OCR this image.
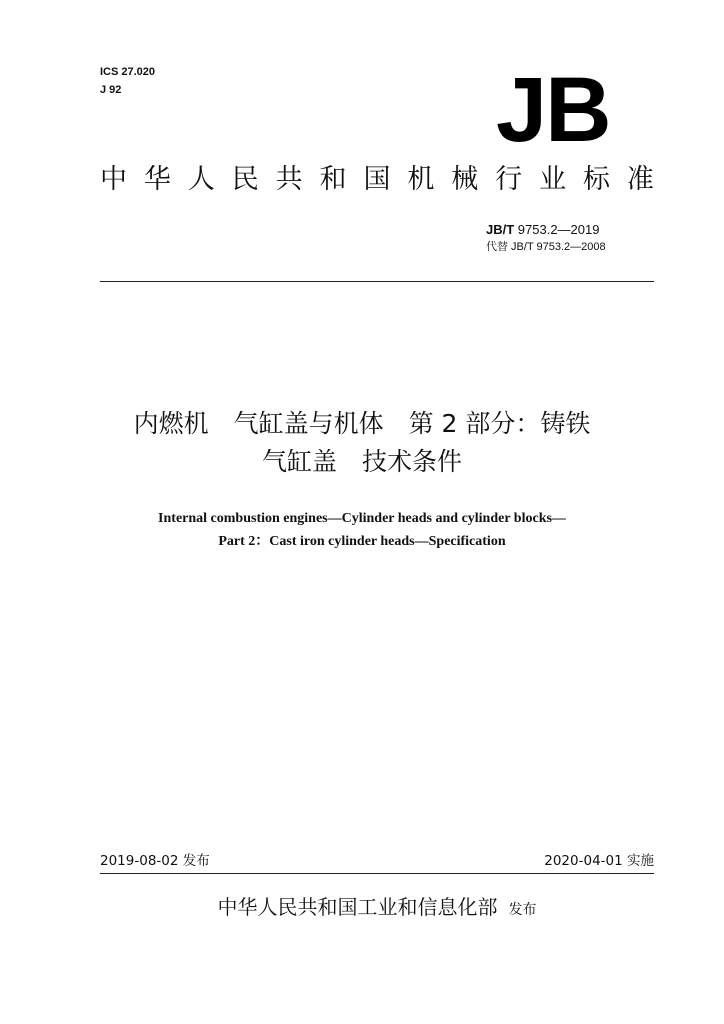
ICS 27.020
J 92	JB
中 华 人 民 共 和 国 机 械 行 业 标 准
JB/T 9753.2—2019
代替 JB/T 9753.2—2008
内燃机　气缸盖与机体　第 2 部分：铸铁
气缸盖　技术条件
Internal combustion engines—Cylinder heads and cylinder blocks—
Part 2：Cast iron cylinder heads—Specification
2019-08-02 发布	2020-04-01 实施
中华人民共和国工业和信息化部 发布
